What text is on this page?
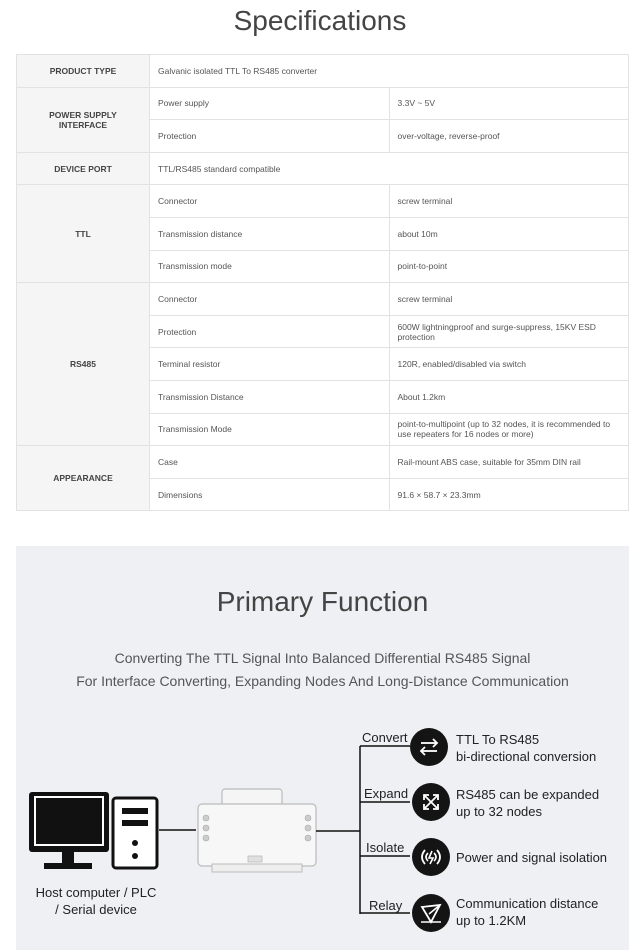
Specifications
PRODUCT TYPE	Galvanic isolated TTL To RS485 converter	
POWER SUPPLY INTERFACE	Power supply	3.3V ~ 5V
	Protection	over-voltage, reverse-proof
DEVICE PORT	TTL/RS485 standard compatible	
TTL	Connector	screw terminal
	Transmission distance	about 10m
	Transmission mode	point-to-point
RS485	Connector	screw terminal
	Protection	600W lightningproof and surge-suppress, 15KV ESD protection
	Terminal resistor	120R, enabled/disabled via switch
	Transmission Distance	About 1.2km
	Transmission Mode	point-to-multipoint (up to 32 nodes, it is recommended to use repeaters for 16 nodes or more)
APPEARANCE	Case	Rail-mount ABS case, suitable for 35mm DIN rail
	Dimensions	91.6 × 58.7 × 23.3mm
Primary Function
Converting The TTL Signal Into Balanced Differential RS485 Signal
For Interface Converting, Expanding Nodes And Long-Distance Communication
Host computer / PLC
/ Serial device
Convert	TTL To RS485
bi-directional conversion
Expand	RS485 can be expanded
up to 32 nodes
Isolate
Power and signal isolation
Relay	Communication distance
up to 1.2KM
